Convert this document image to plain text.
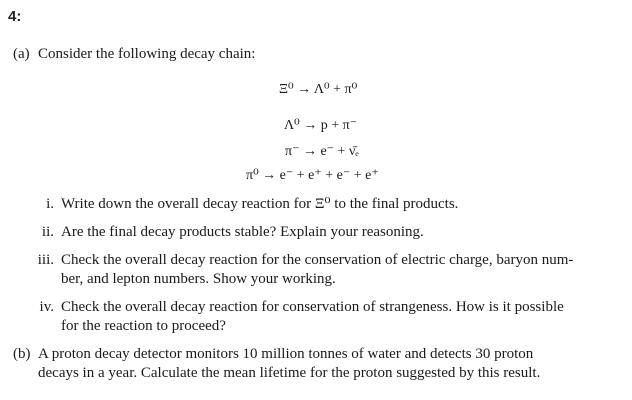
4:
(a) Consider the following decay chain:
Ξ⁰ → Λ⁰ + π⁰
Λ⁰ → p + π⁻
π⁻ → e⁻ + ν̄ₑ
π⁰ → e⁻ + e⁺ + e⁻ + e⁺
i. Write down the overall decay reaction for Ξ⁰ to the final products.
ii. Are the final decay products stable? Explain your reasoning.
iii. Check the overall decay reaction for the conservation of electric charge, baryon num-
ber, and lepton numbers. Show your working.
iv. Check the overall decay reaction for conservation of strangeness. How is it possible
for the reaction to proceed?
(b) A proton decay detector monitors 10 million tonnes of water and detects 30 proton
decays in a year. Calculate the mean lifetime for the proton suggested by this result.
